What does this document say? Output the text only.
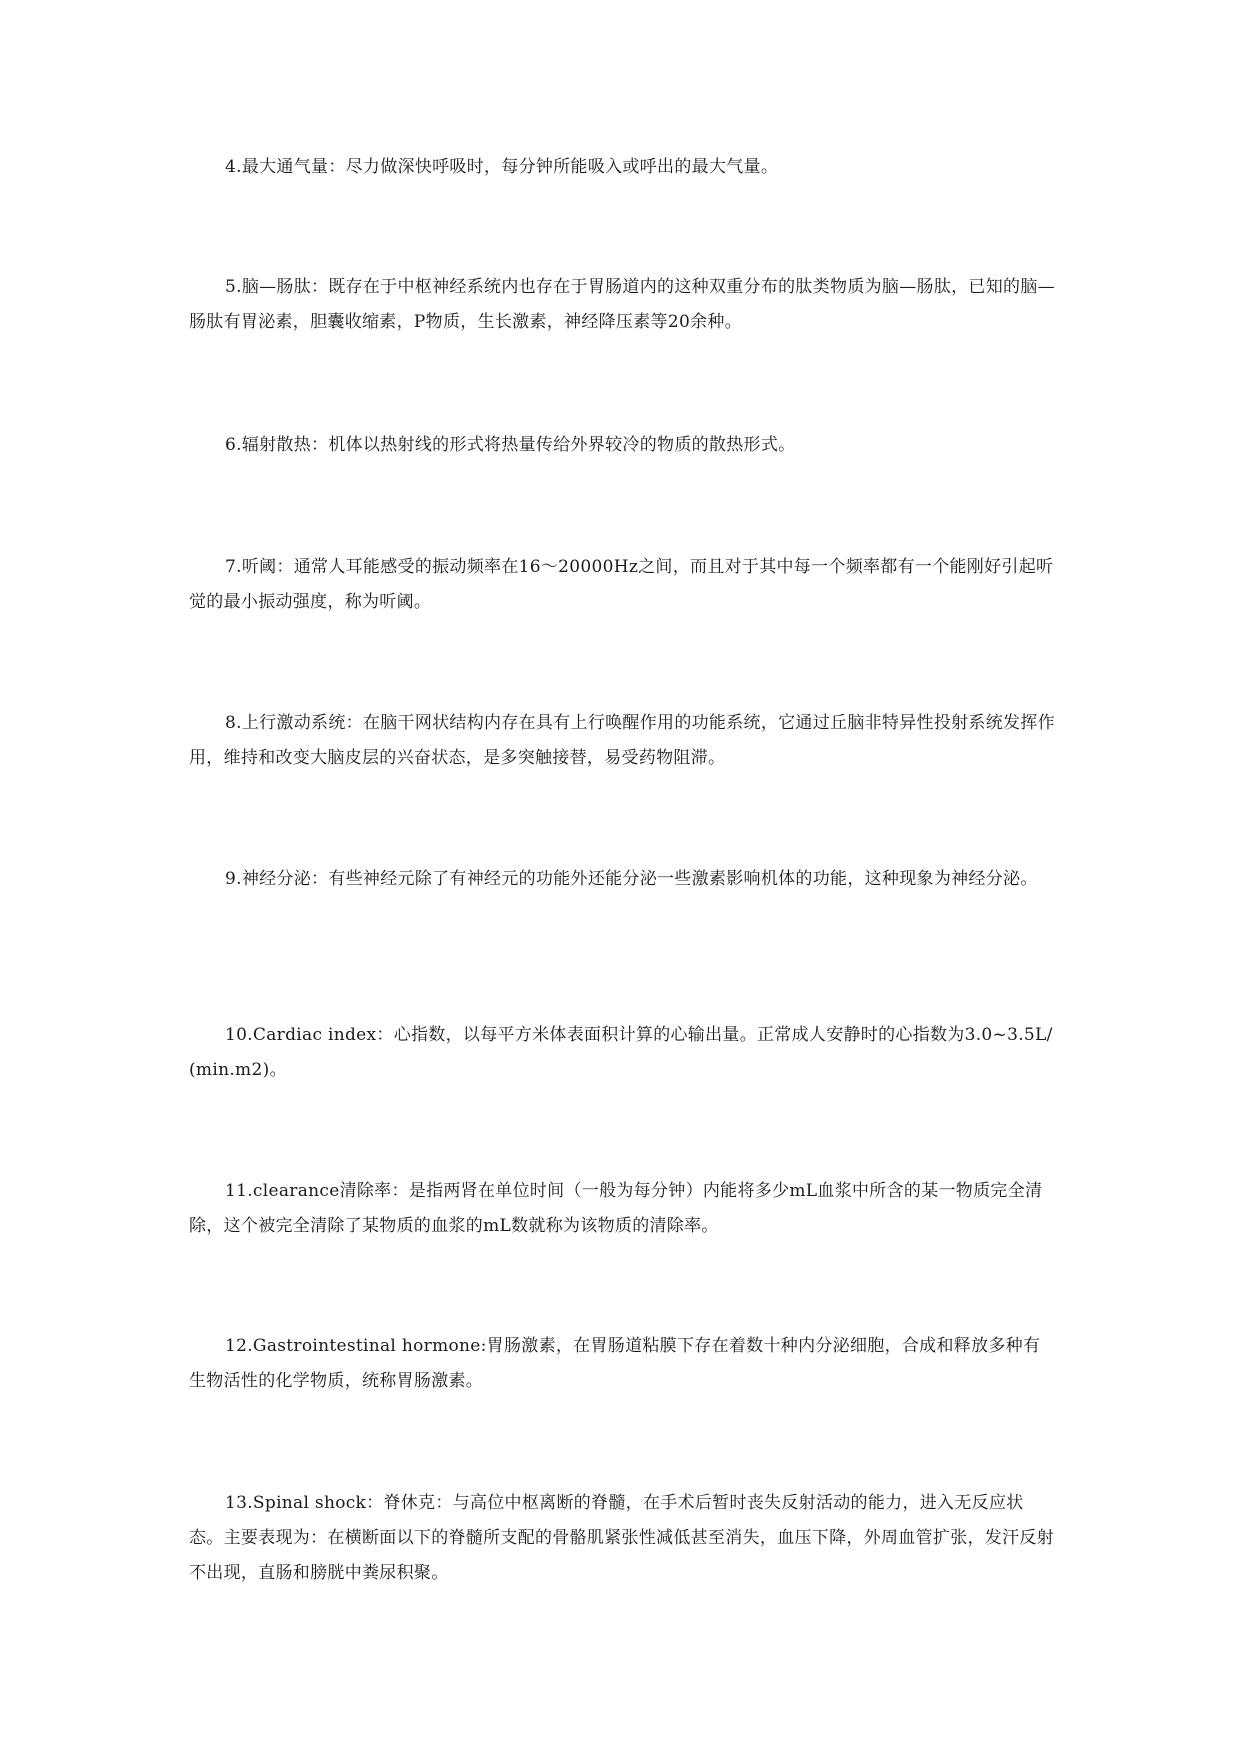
4.最大通气量：尽力做深快呼吸时，每分钟所能吸入或呼出的最大气量。

5.脑—肠肽：既存在于中枢神经系统内也存在于胃肠道内的这种双重分布的肽类物质为脑—肠肽，已知的脑—肠肽有胃泌素，胆囊收缩素，P物质，生长激素，神经降压素等20余种。

6.辐射散热：机体以热射线的形式将热量传给外界较冷的物质的散热形式。

7.听阈：通常人耳能感受的振动频率在16～20000Hz之间，而且对于其中每一个频率都有一个能刚好引起听觉的最小振动强度，称为听阈。

8.上行激动系统：在脑干网状结构内存在具有上行唤醒作用的功能系统，它通过丘脑非特异性投射系统发挥作用，维持和改变大脑皮层的兴奋状态，是多突触接替，易受药物阻滞。

9.神经分泌：有些神经元除了有神经元的功能外还能分泌一些激素影响机体的功能，这种现象为神经分泌。

10.Cardiac index：心指数，以每平方米体表面积计算的心输出量。正常成人安静时的心指数为3.0~3.5L/(min.m2)。

11.clearance清除率：是指两肾在单位时间（一般为每分钟）内能将多少mL血浆中所含的某一物质完全清除，这个被完全清除了某物质的血浆的mL数就称为该物质的清除率。

12.Gastrointestinal hormone:胃肠激素，在胃肠道粘膜下存在着数十种内分泌细胞，合成和释放多种有生物活性的化学物质，统称胃肠激素。

13.Spinal shock：脊休克：与高位中枢离断的脊髓，在手术后暂时丧失反射活动的能力，进入无反应状态。主要表现为：在横断面以下的脊髓所支配的骨骼肌紧张性减低甚至消失，血压下降，外周血管扩张，发汗反射不出现，直肠和膀胱中粪尿积聚。
